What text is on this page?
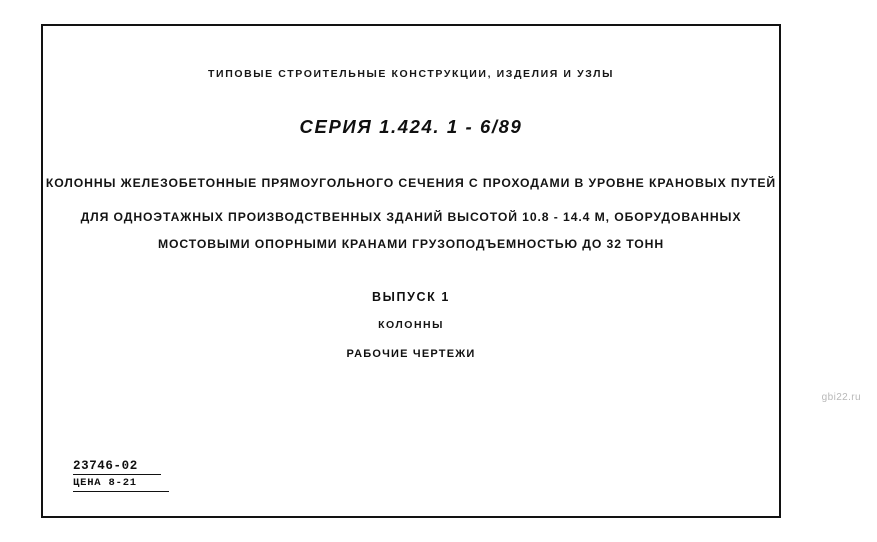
ТИПОВЫЕ СТРОИТЕЛЬНЫЕ КОНСТРУКЦИИ, ИЗДЕЛИЯ И УЗЛЫ
СЕРИЯ 1.424. 1 - 6/89
КОЛОННЫ ЖЕЛЕЗОБЕТОННЫЕ ПРЯМОУГОЛЬНОГО СЕЧЕНИЯ С ПРОХОДАМИ В УРОВНЕ КРАНОВЫХ ПУТЕЙ
ДЛЯ ОДНОЭТАЖНЫХ ПРОИЗВОДСТВЕННЫХ ЗДАНИЙ ВЫСОТОЙ 10.8 - 14.4 М, ОБОРУДОВАННЫХ
МОСТОВЫМИ ОПОРНЫМИ КРАНАМИ ГРУЗОПОДЪЕМНОСТЬЮ ДО 32 ТОНН
ВЫПУСК 1
КОЛОННЫ
РАБОЧИЕ ЧЕРТЕЖИ
23746-02
ЦЕНА 8-21
gbi22.ru
